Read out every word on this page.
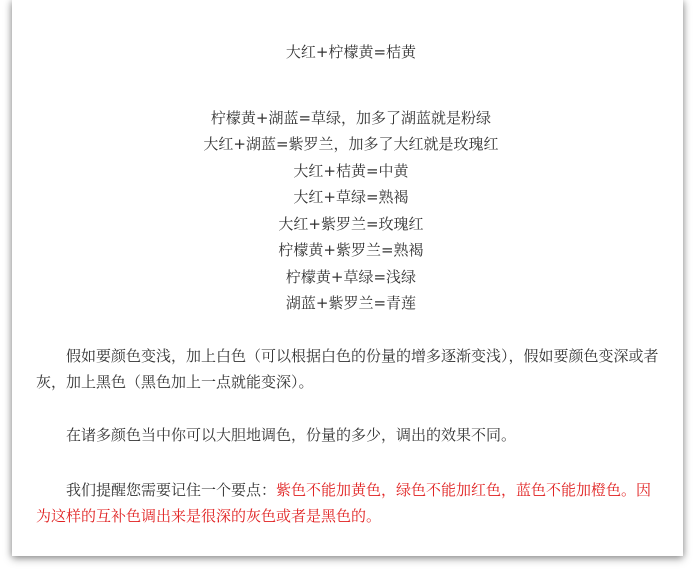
大红+柠檬黄=桔黄
柠檬黄+湖蓝=草绿，加多了湖蓝就是粉绿
大红+湖蓝=紫罗兰，加多了大红就是玫瑰红
大红+桔黄=中黄
大红+草绿=熟褐
大红+紫罗兰=玫瑰红
柠檬黄+紫罗兰=熟褐
柠檬黄+草绿=浅绿
湖蓝+紫罗兰=青莲
假如要颜色变浅，加上白色（可以根据白色的份量的增多逐渐变浅），假如要颜色变深或者灰，加上黑色（黑色加上一点就能变深）。
在诸多颜色当中你可以大胆地调色，份量的多少，调出的效果不同。
我们提醒您需要记住一个要点：紫色不能加黄色，绿色不能加红色，蓝色不能加橙色。因为这样的互补色调出来是很深的灰色或者是黑色的。
